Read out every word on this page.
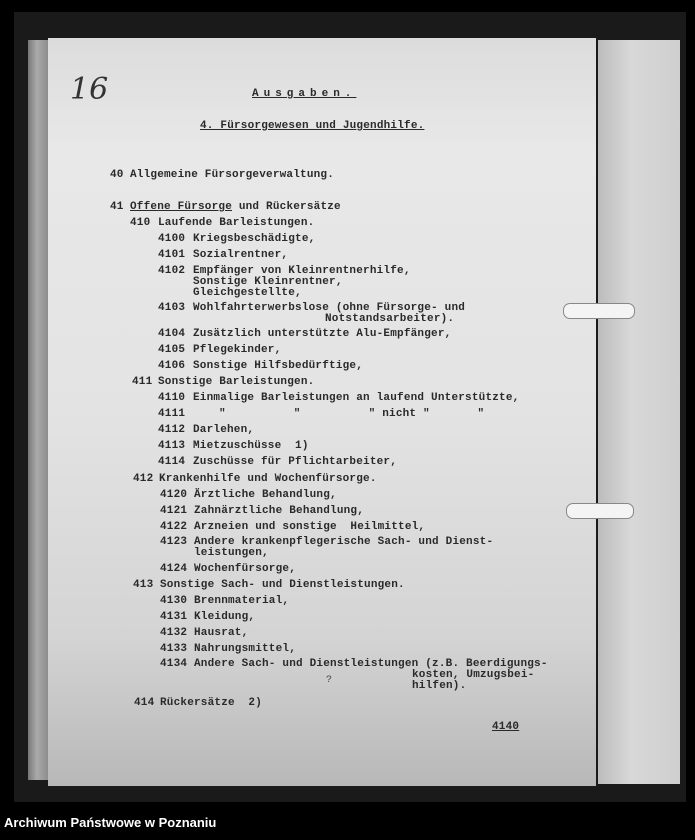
16	Ausgaben.
4. Fürsorgewesen und Jugendhilfe.
40 Allgemeine Fürsorgeverwaltung.
41 Offene Fürsorge und Rückersätze
410 Laufende Barleistungen.
4100 Kriegsbeschädigte,
4101 Sozialrentner,
4102 Empfänger von Kleinrentnerhilfe,
Sonstige Kleinrentner,
Gleichgestellte,
4103 Wohlfahrterwerbslose (ohne Fürsorge- und
Notstandsarbeiter).
4104 Zusätzlich unterstützte Alu-Empfänger,
4105 Pflegekinder,
4106 Sonstige Hilfsbedürftige,
411 Sonstige Barleistungen.
4110 Einmalige Barleistungen an laufend Unterstützte,
4111	"          "          " nicht "       "
4112 Darlehen,
4113 Mietzuschüsse  1)
4114 Zuschüsse für Pflichtarbeiter,
412 Krankenhilfe und Wochenfürsorge.
4120 Ärztliche Behandlung,
4121 Zahnärztliche Behandlung,
4122 Arzneien und sonstige  Heilmittel,
4123 Andere krankenpflegerische Sach- und Dienst-
leistungen,
4124 Wochenfürsorge,
413 Sonstige Sach- und Dienstleistungen.
4130 Brennmaterial,
4131 Kleidung,
4132 Hausrat,
4133 Nahrungsmittel,
4134 Andere Sach- und Dienstleistungen (z.B. Beerdigungs-
kosten, Umzugsbei-
hilfen).
414 Rückersätze  2)
?
4140
Archiwum Państwowe w Poznaniu
